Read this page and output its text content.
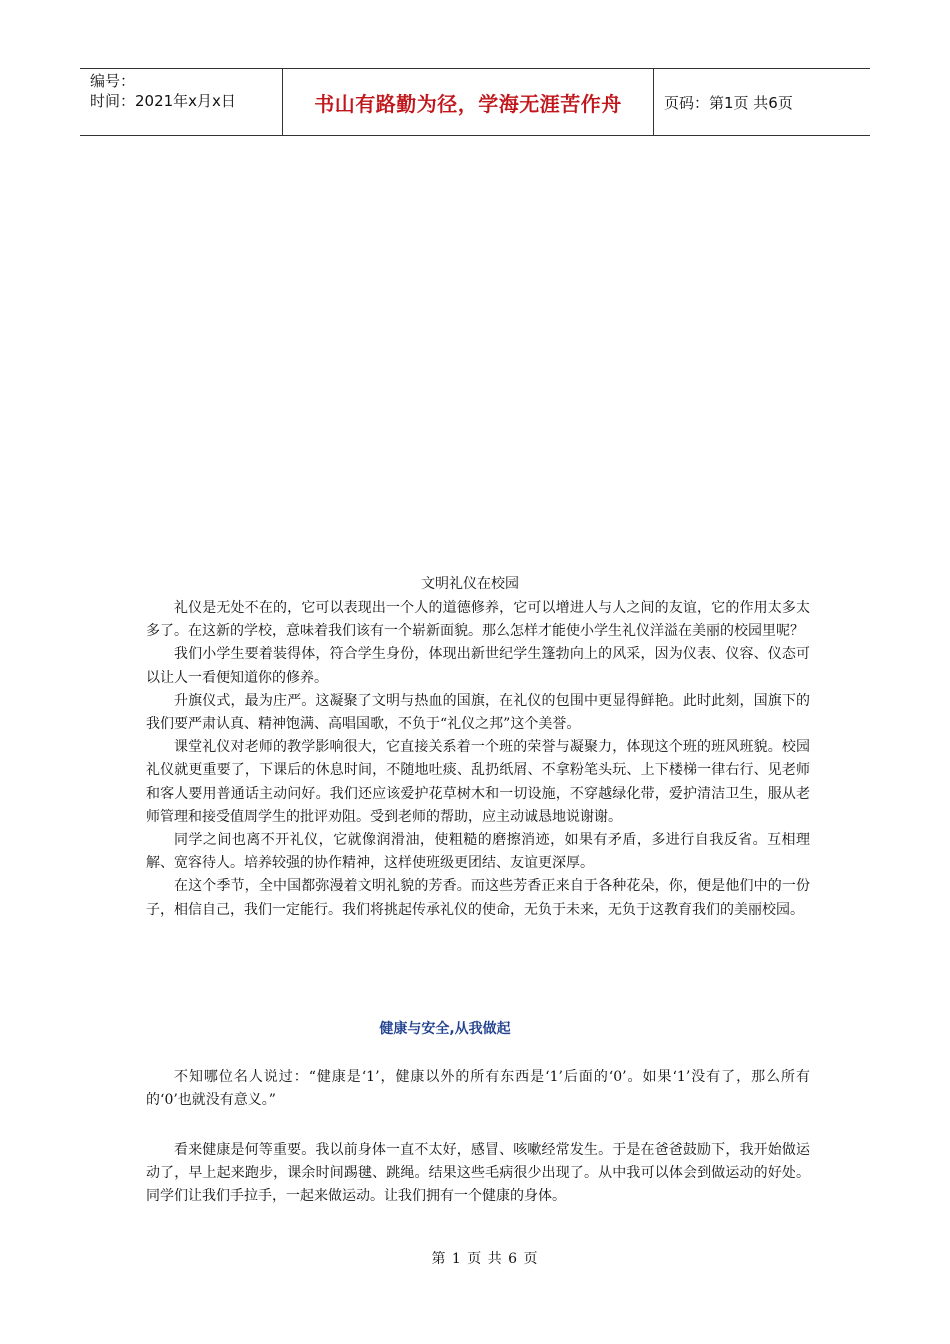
编号：
时间：2021年x月x日	书山有路勤为径，学海无涯苦作舟	页码：第1页 共6页
文明礼仪在校园

礼仪是无处不在的，它可以表现出一个人的道德修养，它可以增进人与人之间的友谊，它的作用太多太多了。在这新的学校，意味着我们该有一个崭新面貌。那么怎样才能使小学生礼仪洋溢在美丽的校园里呢？

我们小学生要着装得体，符合学生身份，体现出新世纪学生篷勃向上的风采，因为仪表、仪容、仪态可以让人一看便知道你的修养。

升旗仪式，最为庄严。这凝聚了文明与热血的国旗，在礼仪的包围中更显得鲜艳。此时此刻，国旗下的我们要严肃认真、精神饱满、高唱国歌，不负于“礼仪之邦”这个美誉。

课堂礼仪对老师的教学影响很大，它直接关系着一个班的荣誉与凝聚力，体现这个班的班风班貌。校园礼仪就更重要了，下课后的休息时间，不随地吐痰、乱扔纸屑、不拿粉笔头玩、上下楼梯一律右行、见老师和客人要用普通话主动问好。我们还应该爱护花草树木和一切设施，不穿越绿化带，爱护清洁卫生，服从老师管理和接受值周学生的批评劝阻。受到老师的帮助，应主动诚恳地说谢谢。

同学之间也离不开礼仪，它就像润滑油，使粗糙的磨擦消迹，如果有矛盾，多进行自我反省。互相理解、宽容待人。培养较强的协作精神，这样使班级更团结、友谊更深厚。

在这个季节，全中国都弥漫着文明礼貌的芳香。而这些芳香正来自于各种花朵，你，便是他们中的一份子，相信自己，我们一定能行。我们将挑起传承礼仪的使命，无负于未来，无负于这教育我们的美丽校园。

健康与安全,从我做起

不知哪位名人说过：“健康是‘1’，健康以外的所有东西是‘1’后面的‘0’。如果‘1’没有了，那么所有的‘0’也就没有意义。”

看来健康是何等重要。我以前身体一直不太好，感冒、咳嗽经常发生。于是在爸爸鼓励下，我开始做运动了，早上起来跑步，课余时间踢毽、跳绳。结果这些毛病很少出现了。从中我可以体会到做运动的好处。同学们让我们手拉手，一起来做运动。让我们拥有一个健康的身体。

第 1 页 共 6 页
